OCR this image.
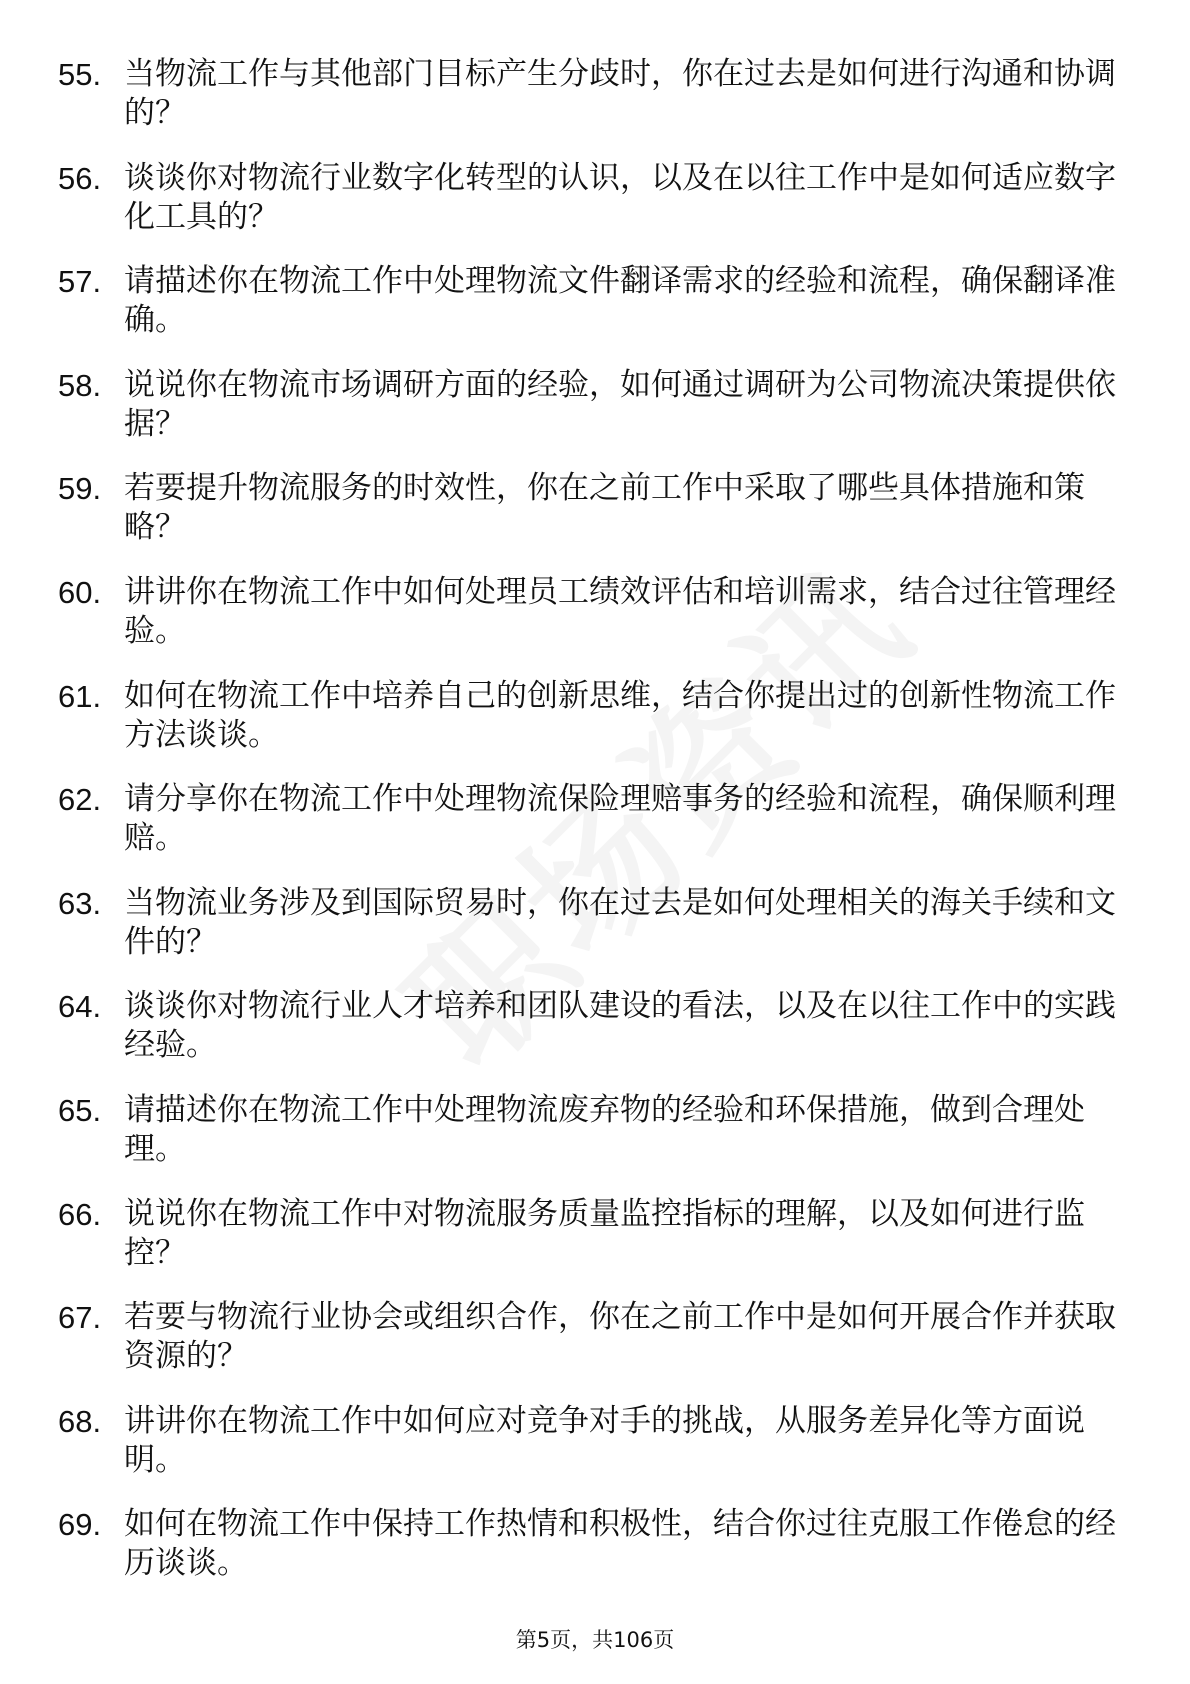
55. 当物流工作与其他部门目标产生分歧时，你在过去是如何进行沟通和协调的？
56. 谈谈你对物流行业数字化转型的认识，以及在以往工作中是如何适应数字化工具的？
57. 请描述你在物流工作中处理物流文件翻译需求的经验和流程，确保翻译准确。
58. 说说你在物流市场调研方面的经验，如何通过调研为公司物流决策提供依据？
59. 若要提升物流服务的时效性，你在之前工作中采取了哪些具体措施和策略？
60. 讲讲你在物流工作中如何处理员工绩效评估和培训需求，结合过往管理经验。
61. 如何在物流工作中培养自己的创新思维，结合你提出过的创新性物流工作方法谈谈。
62. 请分享你在物流工作中处理物流保险理赔事务的经验和流程，确保顺利理赔。
63. 当物流业务涉及到国际贸易时，你在过去是如何处理相关的海关手续和文件的？
64. 谈谈你对物流行业人才培养和团队建设的看法，以及在以往工作中的实践经验。
65. 请描述你在物流工作中处理物流废弃物的经验和环保措施，做到合理处理。
66. 说说你在物流工作中对物流服务质量监控指标的理解，以及如何进行监控？
67. 若要与物流行业协会或组织合作，你在之前工作中是如何开展合作并获取资源的？
68. 讲讲你在物流工作中如何应对竞争对手的挑战，从服务差异化等方面说明。
69. 如何在物流工作中保持工作热情和积极性，结合你过往克服工作倦怠的经历谈谈。
第5页，共106页
